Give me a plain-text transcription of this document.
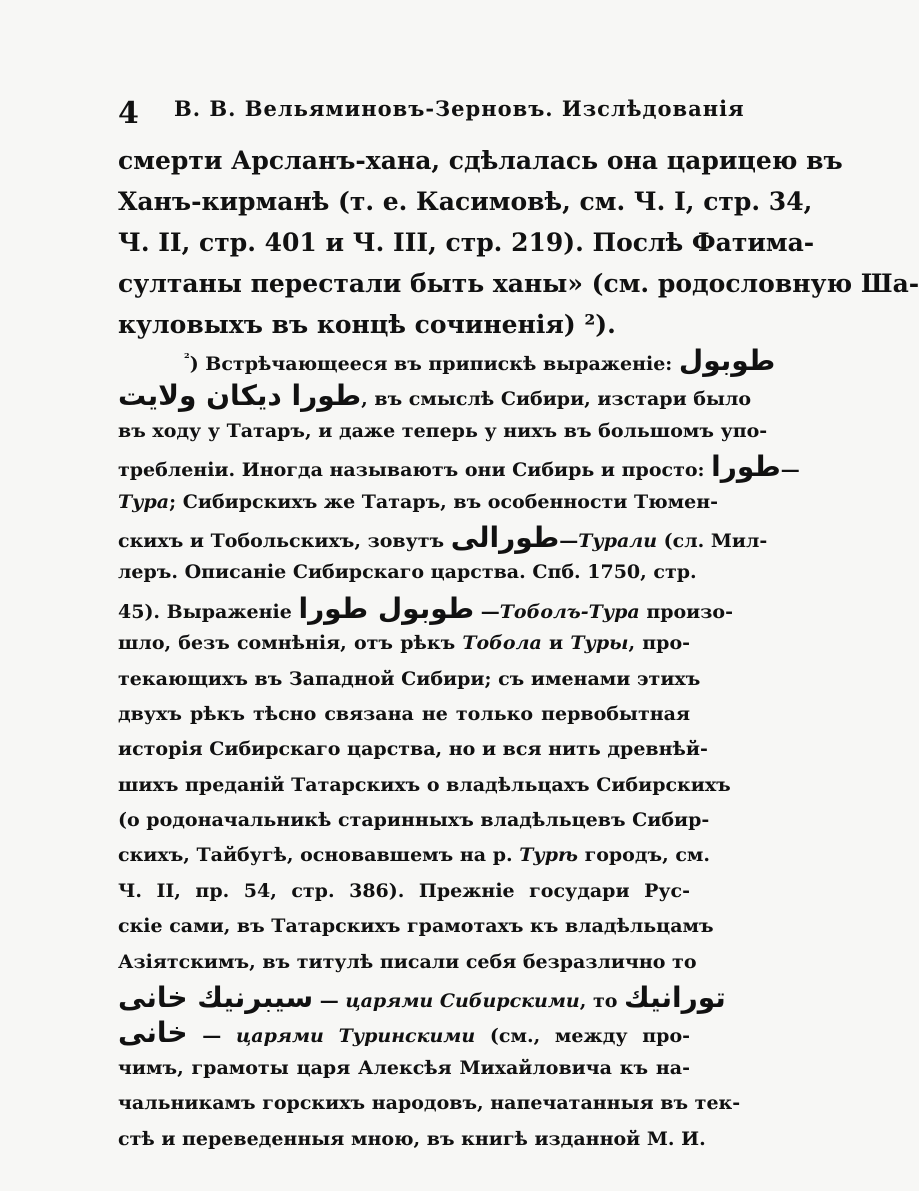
4 В. В. Вельяминовъ-Зерновъ. Изслѣдованія
смерти Арсланъ-хана, сдѣлалась она царицею въ
Ханъ-кирманѣ (т. е. Касимовѣ, см. Ч. I, стр. 34,
Ч. II, стр. 401 и Ч. III, стр. 219). Послѣ Фатима-
султаны перестали быть ханы» (см. родословную Ша-
куловыхъ въ концѣ сочиненія) ²).
$^{^2}$) Встрѣчающееся въ припискѣ выраженіе: طوبول
طورا دیکان ولایت, въ смыслѣ Сибири, изстари было
въ ходу у Татаръ, и даже теперь у нихъ въ большомъ упо-
требленіи. Иногда называютъ они Сибирь и просто: طورا—
Тура; Сибирскихъ же Татаръ, въ особенности Тюмен-
скихъ и Тобольскихъ, зовутъ طورالى—Турали (сл. Мил-
леръ. Описаніе Сибирскаго царства. Спб. 1750, стр.
45). Выраженіе طوبول طورا —Тоболъ-Тура произо-
шло, безъ сомнѣнія, отъ рѣкъ Тобола и Туры, про-
текающихъ въ Западной Сибири; съ именами этихъ
двухъ рѣкъ тѣсно связана не только первобытная
исторія Сибирскаго царства, но и вся нить древнѣй-
шихъ преданій Татарскихъ о владѣльцахъ Сибирскихъ
(о родоначальникѣ старинныхъ владѣльцевъ Сибир-
скихъ, Тайбугѣ, основавшемъ на р. Турѣ городъ, см.
Ч. II, пр. 54, стр. 386). Прежніе государи Рус-
скіе сами, въ Татарскихъ грамотахъ къ владѣльцамъ
Азіятскимъ, въ титулѣ писали себя безразлично то
سيبرنيك خانى — царями Сибирскими, то تورانيك
خانى — царями Туринскими (см., между про-
чимъ, грамоты царя Алексѣя Михайловича къ на-
чальникамъ горскихъ народовъ, напечатанныя въ тек-
стѣ и переведенныя мною, въ книгѣ изданной М. И.
